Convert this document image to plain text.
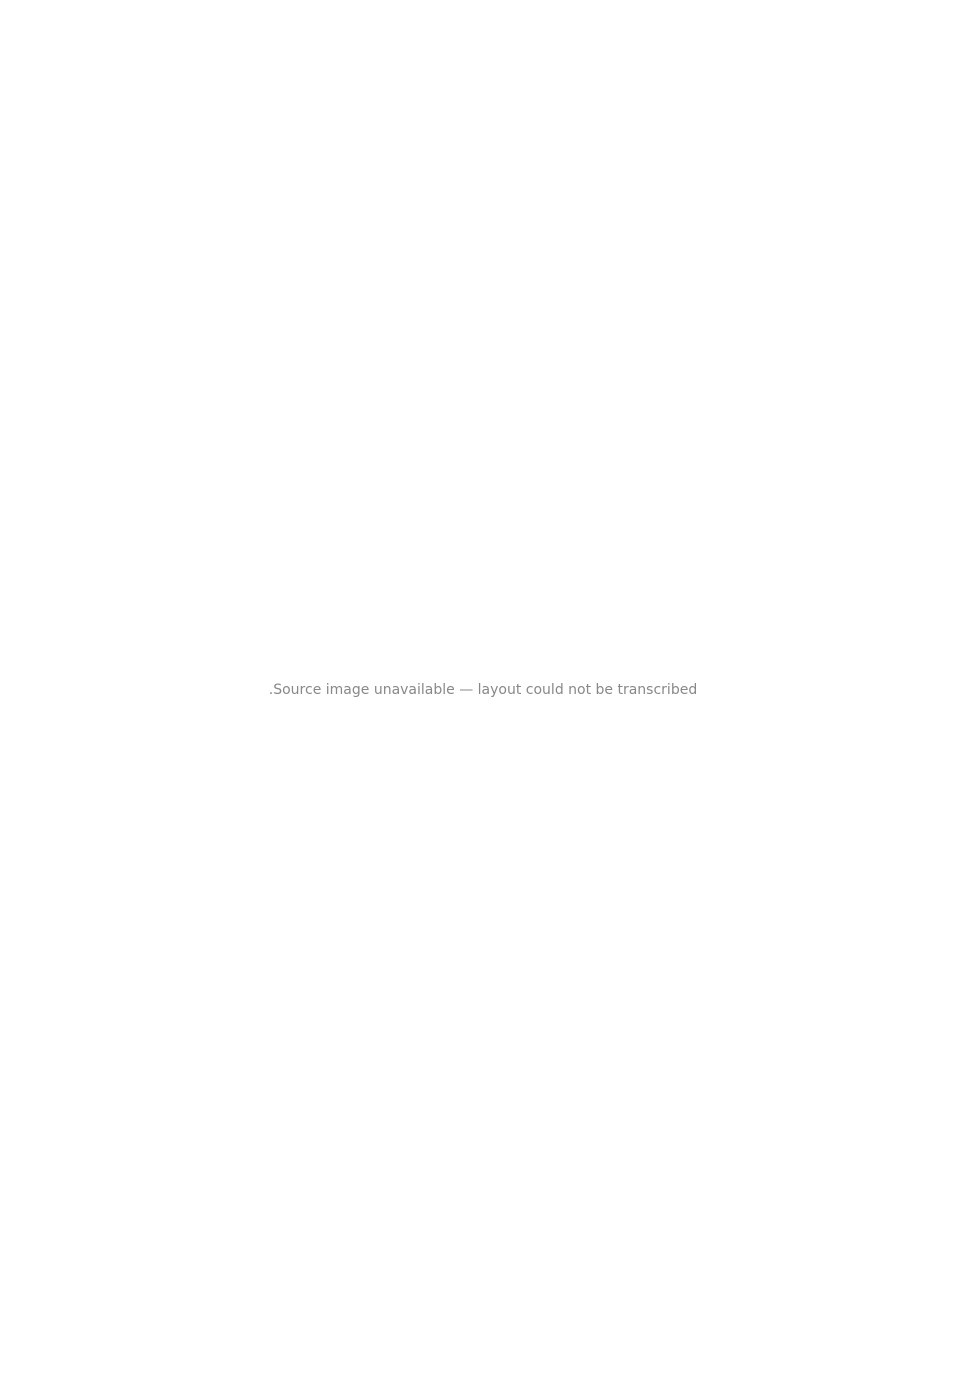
Source image unavailable — layout could not be transcribed.
